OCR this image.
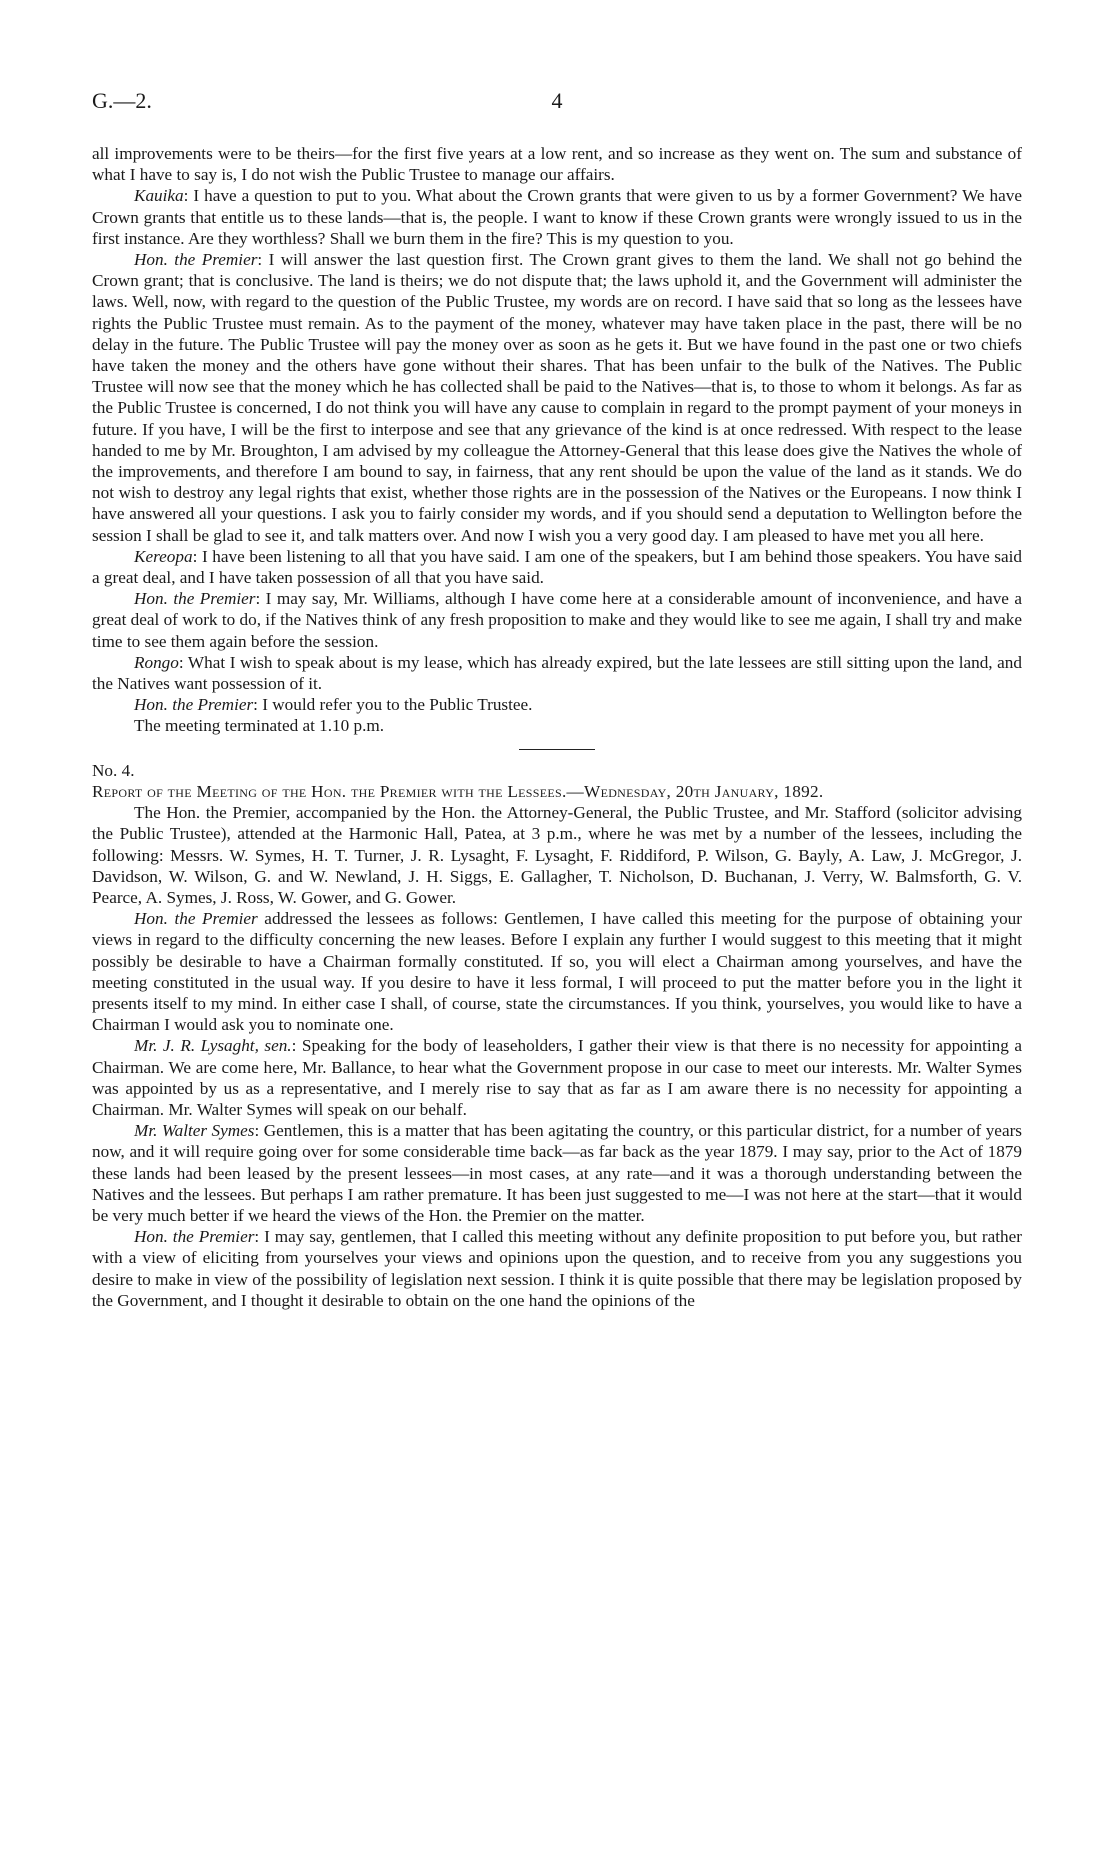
G.—2.	4

all improvements were to be theirs—for the first five years at a low rent, and so increase as they went on. The sum and substance of what I have to say is, I do not wish the Public Trustee to manage our affairs.

Kauika: I have a question to put to you. What about the Crown grants that were given to us by a former Government? We have Crown grants that entitle us to these lands—that is, the people. I want to know if these Crown grants were wrongly issued to us in the first instance. Are they worthless? Shall we burn them in the fire? This is my question to you.

Hon. the Premier: I will answer the last question first. The Crown grant gives to them the land. We shall not go behind the Crown grant; that is conclusive. The land is theirs; we do not dispute that; the laws uphold it, and the Government will administer the laws. Well, now, with regard to the question of the Public Trustee, my words are on record. I have said that so long as the lessees have rights the Public Trustee must remain. As to the payment of the money, whatever may have taken place in the past, there will be no delay in the future. The Public Trustee will pay the money over as soon as he gets it. But we have found in the past one or two chiefs have taken the money and the others have gone without their shares. That has been unfair to the bulk of the Natives. The Public Trustee will now see that the money which he has collected shall be paid to the Natives—that is, to those to whom it belongs. As far as the Public Trustee is concerned, I do not think you will have any cause to complain in regard to the prompt payment of your moneys in future. If you have, I will be the first to interpose and see that any grievance of the kind is at once redressed. With respect to the lease handed to me by Mr. Broughton, I am advised by my colleague the Attorney-General that this lease does give the Natives the whole of the improvements, and therefore I am bound to say, in fairness, that any rent should be upon the value of the land as it stands. We do not wish to destroy any legal rights that exist, whether those rights are in the possession of the Natives or the Europeans. I now think I have answered all your questions. I ask you to fairly consider my words, and if you should send a deputation to Wellington before the session I shall be glad to see it, and talk matters over. And now I wish you a very good day. I am pleased to have met you all here.

Kereopa: I have been listening to all that you have said. I am one of the speakers, but I am behind those speakers. You have said a great deal, and I have taken possession of all that you have said.

Hon. the Premier: I may say, Mr. Williams, although I have come here at a considerable amount of inconvenience, and have a great deal of work to do, if the Natives think of any fresh proposition to make and they would like to see me again, I shall try and make time to see them again before the session.

Rongo: What I wish to speak about is my lease, which has already expired, but the late lessees are still sitting upon the land, and the Natives want possession of it.

Hon. the Premier: I would refer you to the Public Trustee.

The meeting terminated at 1.10 p.m.

No. 4.

Report of the Meeting of the Hon. the Premier with the Lessees.—Wednesday, 20th January, 1892.

The Hon. the Premier, accompanied by the Hon. the Attorney-General, the Public Trustee, and Mr. Stafford (solicitor advising the Public Trustee), attended at the Harmonic Hall, Patea, at 3 p.m., where he was met by a number of the lessees, including the following: Messrs. W. Symes, H. T. Turner, J. R. Lysaght, F. Lysaght, F. Riddiford, P. Wilson, G. Bayly, A. Law, J. McGregor, J. Davidson, W. Wilson, G. and W. Newland, J. H. Siggs, E. Gallagher, T. Nicholson, D. Buchanan, J. Verry, W. Balmsforth, G. V. Pearce, A. Symes, J. Ross, W. Gower, and G. Gower.

Hon. the Premier addressed the lessees as follows: Gentlemen, I have called this meeting for the purpose of obtaining your views in regard to the difficulty concerning the new leases. Before I explain any further I would suggest to this meeting that it might possibly be desirable to have a Chairman formally constituted. If so, you will elect a Chairman among yourselves, and have the meeting constituted in the usual way. If you desire to have it less formal, I will proceed to put the matter before you in the light it presents itself to my mind. In either case I shall, of course, state the circumstances. If you think, yourselves, you would like to have a Chairman I would ask you to nominate one.

Mr. J. R. Lysaght, sen.: Speaking for the body of leaseholders, I gather their view is that there is no necessity for appointing a Chairman. We are come here, Mr. Ballance, to hear what the Government propose in our case to meet our interests. Mr. Walter Symes was appointed by us as a representative, and I merely rise to say that as far as I am aware there is no necessity for appointing a Chairman. Mr. Walter Symes will speak on our behalf.

Mr. Walter Symes: Gentlemen, this is a matter that has been agitating the country, or this particular district, for a number of years now, and it will require going over for some considerable time back—as far back as the year 1879. I may say, prior to the Act of 1879 these lands had been leased by the present lessees—in most cases, at any rate—and it was a thorough understanding between the Natives and the lessees. But perhaps I am rather premature. It has been just suggested to me—I was not here at the start—that it would be very much better if we heard the views of the Hon. the Premier on the matter.

Hon. the Premier: I may say, gentlemen, that I called this meeting without any definite proposition to put before you, but rather with a view of eliciting from yourselves your views and opinions upon the question, and to receive from you any suggestions you desire to make in view of the possibility of legislation next session. I think it is quite possible that there may be legislation proposed by the Government, and I thought it desirable to obtain on the one hand the opinions of the
